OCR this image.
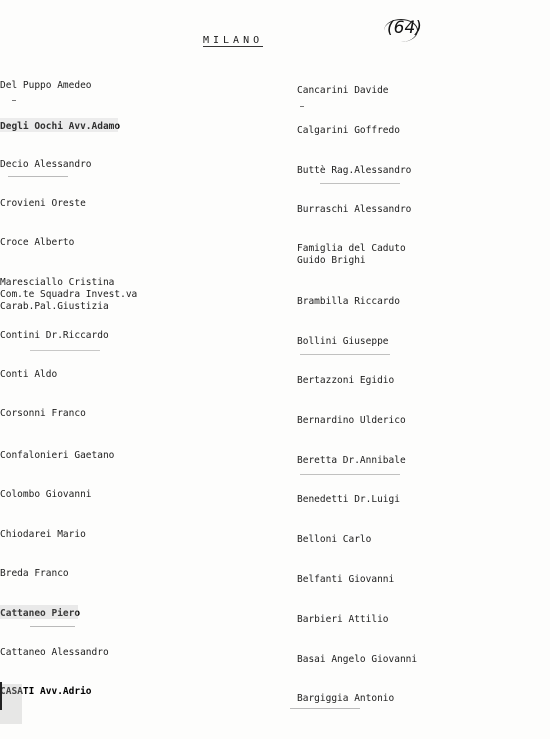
MILANO
(64)
Del Puppo Amedeo
Degli Oochi Avv.Adamo
Decio Alessandro
Crovieni Oreste
Croce Alberto
Maresciallo Cristina
Com.te Squadra Invest.va
Carab.Pal.Giustizia
Contini Dr.Riccardo
Conti Aldo
Corsonni Franco
Confalonieri Gaetano
Colombo Giovanni
Chiodarei Mario
Breda Franco
Cattaneo Piero
Cattaneo Alessandro
CASATI Avv.Adrio
Cancarini Davide
Calgarini Goffredo
Buttè Rag.Alessandro
Burraschi Alessandro
Famiglia del Caduto
Guido Brighi
Brambilla Riccardo
Bollini Giuseppe
Bertazzoni Egidio
Bernardino Ulderico
Beretta Dr.Annibale
Benedetti Dr.Luigi
Belloni Carlo
Belfanti Giovanni
Barbieri Attilio
Basai Angelo Giovanni
Bargiggia Antonio
